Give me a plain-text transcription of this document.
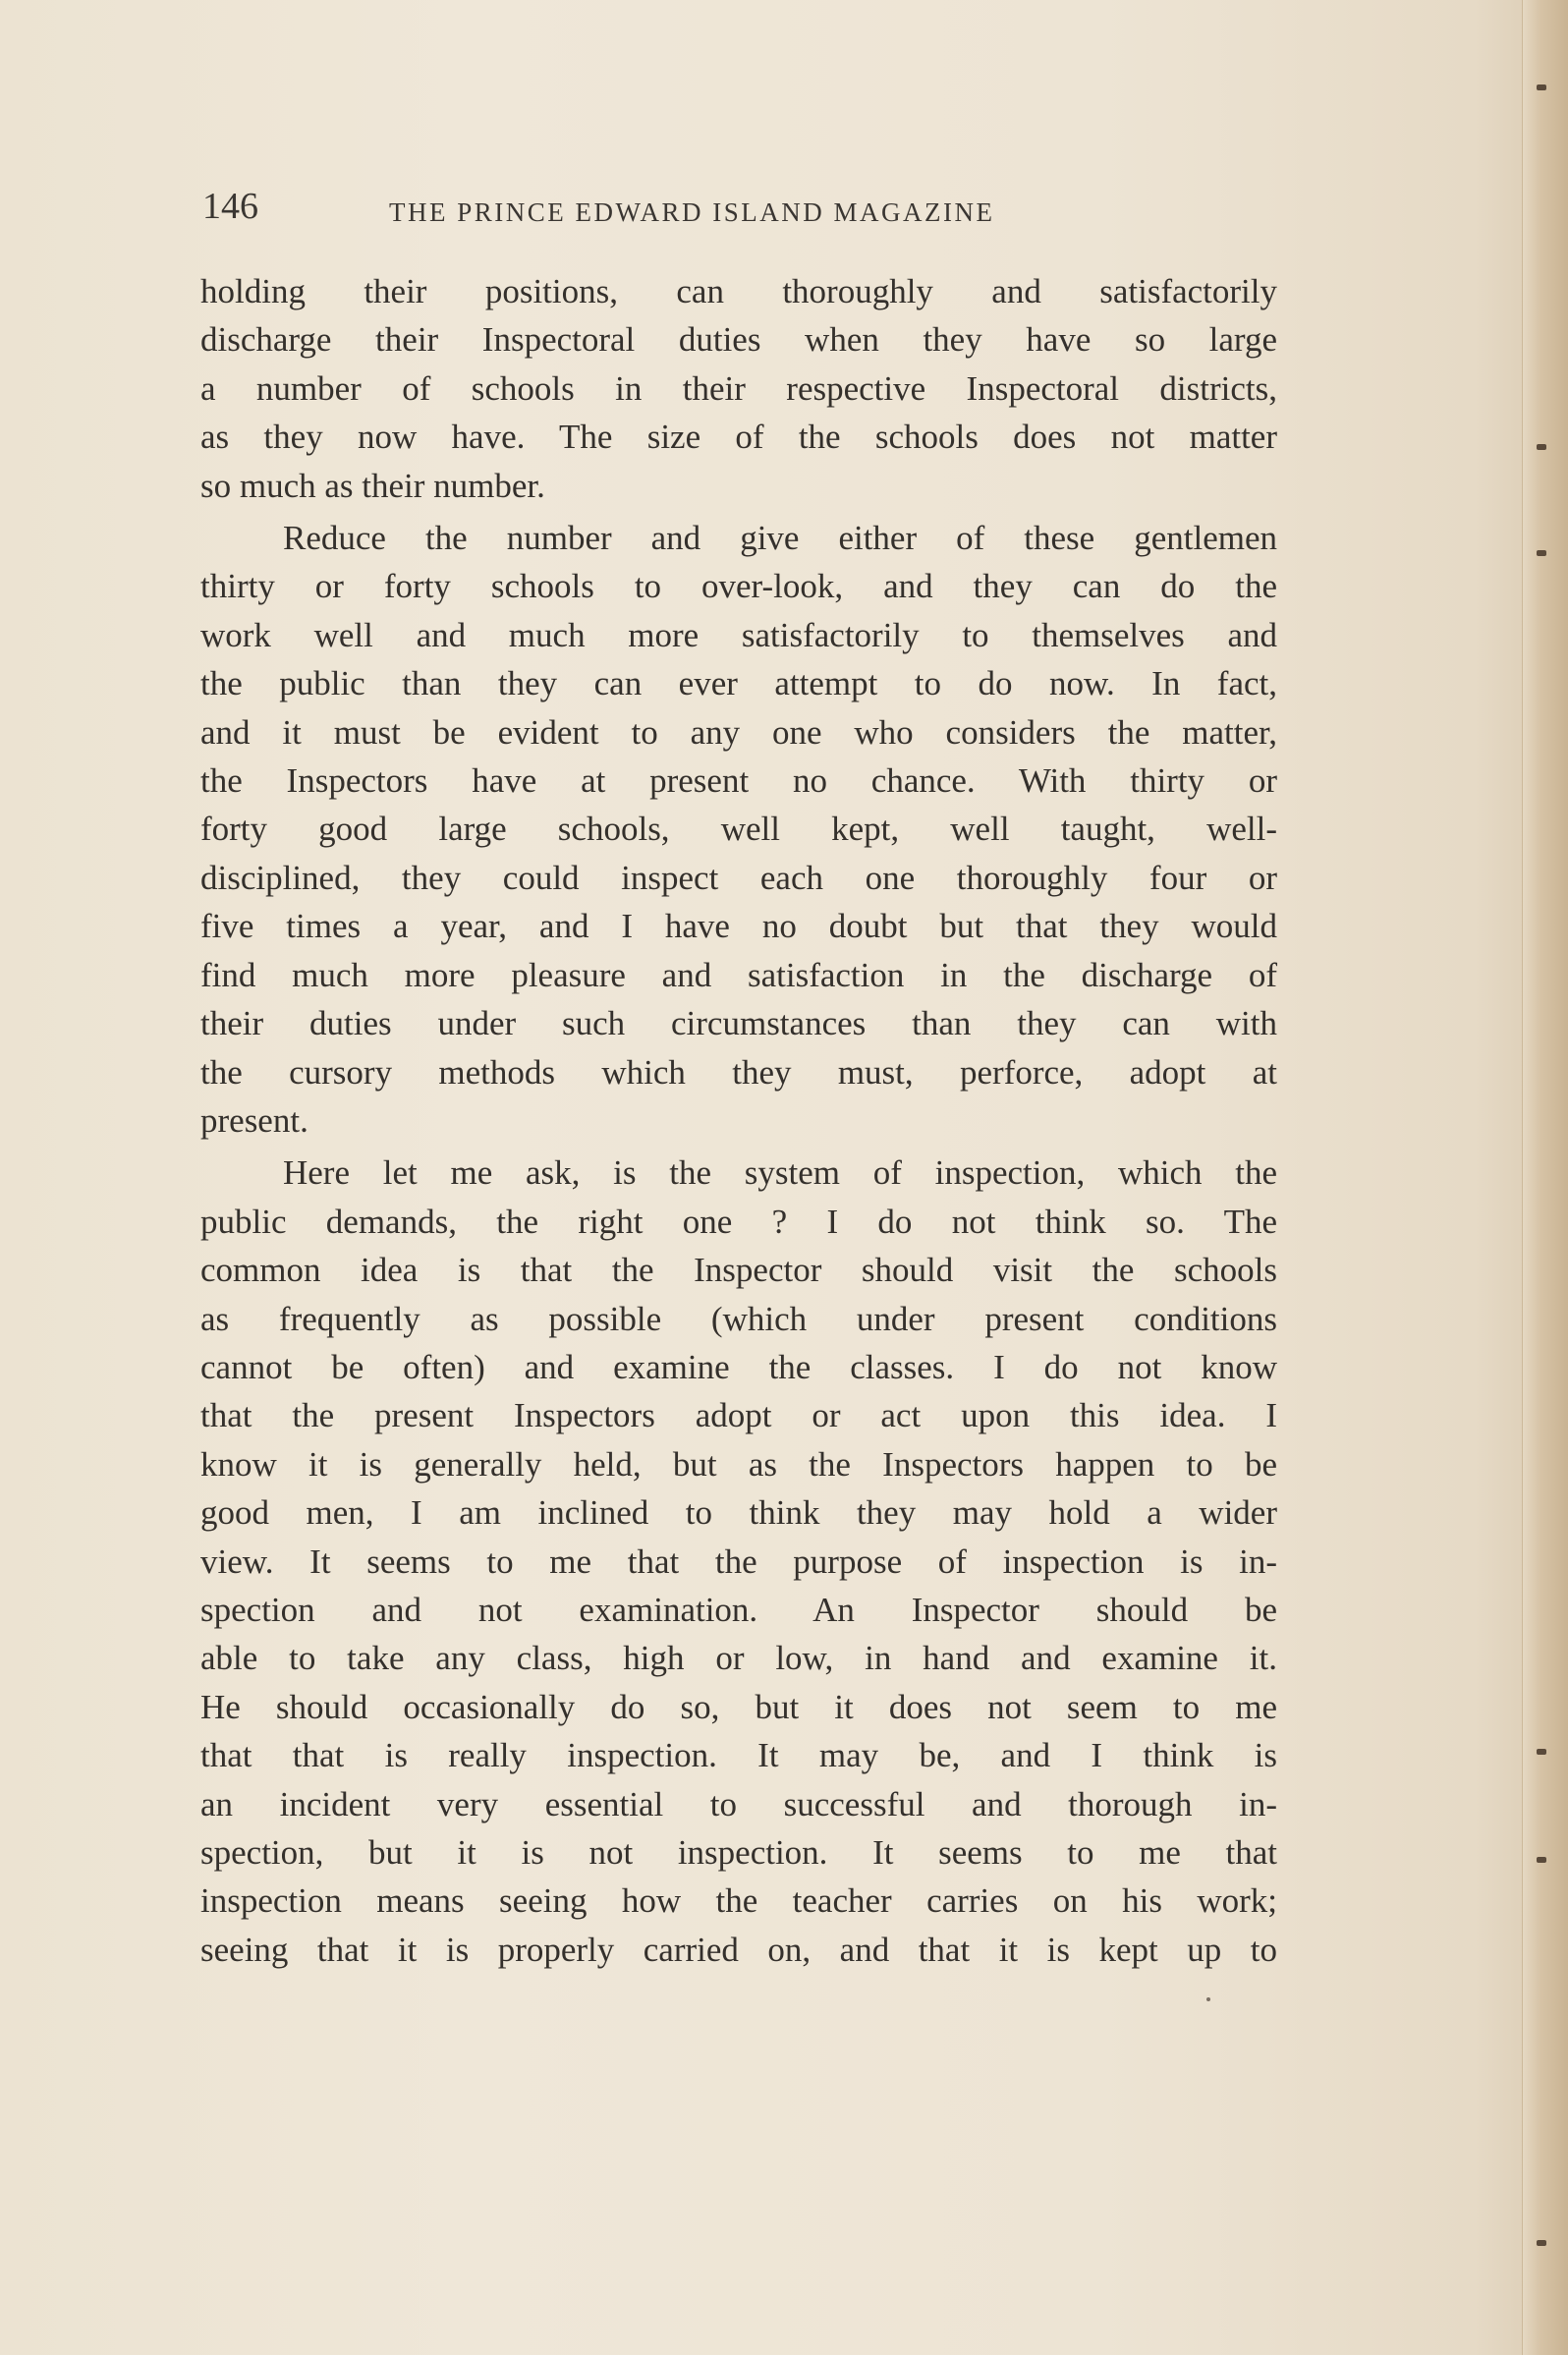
146	THE PRINCE EDWARD ISLAND MAGAZINE

holding their positions, can thoroughly and satisfactorily
discharge their Inspectoral duties when they have so large
a number of schools in their respective Inspectoral districts,
as they now have. The size of the schools does not matter
so much as their number.

Reduce the number and give either of these gentlemen
thirty or forty schools to over-look, and they can do the
work well and much more satisfactorily to themselves and
the public than they can ever attempt to do now. In fact,
and it must be evident to any one who considers the matter,
the Inspectors have at present no chance. With thirty or
forty good large schools, well kept, well taught, well-
disciplined, they could inspect each one thoroughly four or
five times a year, and I have no doubt but that they would
find much more pleasure and satisfaction in the discharge of
their duties under such circumstances than they can with
the cursory methods which they must, perforce, adopt at
present.

Here let me ask, is the system of inspection, which the
public demands, the right one ? I do not think so. The
common idea is that the Inspector should visit the schools
as frequently as possible (which under present conditions
cannot be often) and examine the classes. I do not know
that the present Inspectors adopt or act upon this idea. I
know it is generally held, but as the Inspectors happen to be
good men, I am inclined to think they may hold a wider
view. It seems to me that the purpose of inspection is in-
spection and not examination. An Inspector should be
able to take any class, high or low, in hand and examine it.
He should occasionally do so, but it does not seem to me
that that is really inspection. It may be, and I think is
an incident very essential to successful and thorough in-
spection, but it is not inspection. It seems to me that
inspection means seeing how the teacher carries on his work;
seeing that it is properly carried on, and that it is kept up to
